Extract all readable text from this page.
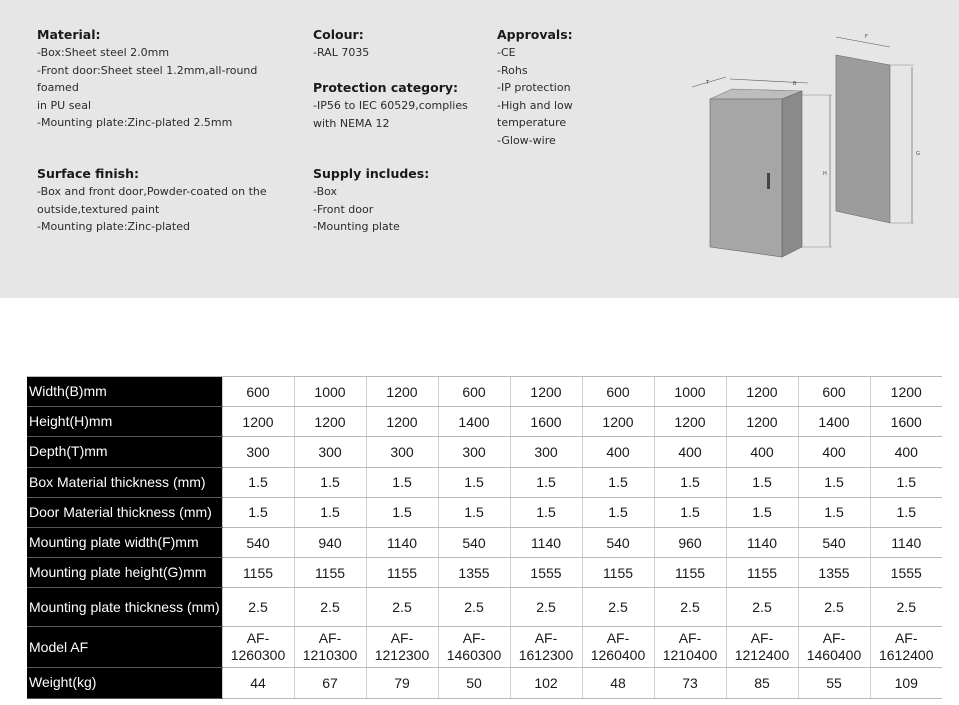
Material:
-Box:Sheet steel 2.0mm
-Front door:Sheet steel 1.2mm,all-round foamed
in PU seal
-Mounting plate:Zinc-plated 2.5mm
Surface finish:
-Box and front door,Powder-coated on the
outside,textured paint
-Mounting plate:Zinc-plated
Colour:
-RAL 7035
Protection category:
-IP56 to IEC 60529,complies
with NEMA 12
Supply includes:
-Box
-Front door
-Mounting plate
Approvals:
-CE
-Rohs
-IP protection
-High and low
temperature
-Glow-wire
T	B
H
F
G
Width(B)mm	600	1000	1200	600	1200	600	1000	1200	600	1200
Height(H)mm	1200	1200	1200	1400	1600	1200	1200	1200	1400	1600
Depth(T)mm	300	300	300	300	300	400	400	400	400	400
Box Material thickness (mm)	1.5	1.5	1.5	1.5	1.5	1.5	1.5	1.5	1.5	1.5
Door Material thickness (mm)	1.5	1.5	1.5	1.5	1.5	1.5	1.5	1.5	1.5	1.5
Mounting plate width(F)mm	540	940	1140	540	1140	540	960	1140	540	1140
Mounting plate height(G)mm	1155	1155	1155	1355	1555	1155	1155	1155	1355	1555
Mounting plate thickness (mm)	2.5	2.5	2.5	2.5	2.5	2.5	2.5	2.5	2.5	2.5
Model AF	AF-1260300	AF-1210300	AF-1212300	AF-1460300	AF-1612300	AF-1260400	AF-1210400	AF-1212400	AF-1460400	AF-1612400
Weight(kg)	44	67	79	50	102	48	73	85	55	109
